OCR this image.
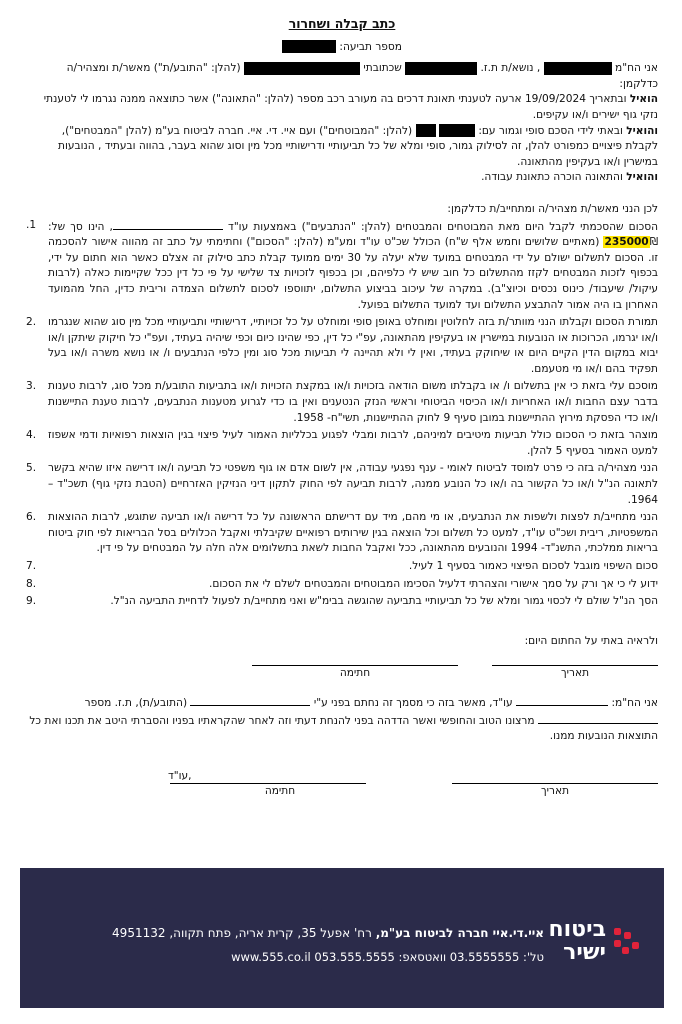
כתב קבלה ושחרור
מספר תביעה:

אני הח"מ  , נושא/ת ת.ז.  שכתובתי  (להלן: "התובע/ת") מאשר/ת ומצהיר/ה

כדלקמן:

הואיל ובתאריך 19/09/2024 ארעה לטענתי תאונת דרכים בה מעורב רכב מספר (להלן: "התאונה") אשר כתוצאה ממנה נגרמו לי לטענתי נזקי גוף ישירים ו/או עקיפים.

והואיל ובאתי לידי הסכם סופי וגמור עם:   (להלן: "המבוטחים") ועם איי. די. איי. חברה לביטוח בע"מ (להלן "המבטחים"), לקבלת פיצויים כמפורט להלן, זה לסילוק גמור, סופי ומלא של כל תביעותיי ודרישותיי מכל מין וסוג שהוא בעבר, בהווה ובעתיד , הנובעות במישרין ו/או בעקיפין מהתאונה.

והואיל והתאונה הוכרה כתאונת עבודה.

לכן הנני מאשר/ת מצהיר/ה ומתחייב/ת כדלקמן:

.1	הסכום שהסכמתי לקבל היום מאת המבוטחים והמבטחים (להלן: "הנתבעים") באמצעות עו"ד , הינו סך של: 235000₪ (מאתיים שלושים וחמש אלף ש"ח) הכולל שכ"ט עו"ד ומע"מ (להלן: "הסכום") וחתימתי על כתב זה מהווה אישור להסכמה זו. הסכום לתשלום ישולם על ידי המבטחים במועד שלא יעלה על 30 ימים ממועד קבלת כתב סילוק זה אצלם כאשר הוא חתום על ידי, בכפוף לזכות המבטחים לקזז מהתשלום כל חוב שיש לי כלפיהם, וכן בכפוף לזכויות צד שלישי על פי כל דין ככל שקיימות כאלה (לרבות עיקול/ שיעבוד/ כינוס נכסים וכיוצ"ב). במקרה של עיכוב בביצוע התשלום, יתווספו לסכום לתשלום הצמדה וריבית כדין, החל מהמועד האחרון בו היה אמור להתבצע התשלום ועד למועד התשלום בפועל.
2. תמורת הסכום וקבלתו הנני מוותר/ת בזה לחלוטין ומוחלט באופן סופי ומוחלט על כל זכויותיי, דרישותיי ותביעותיי מכל מין סוג שהוא שנגרמו ו/או יגרמו, הכרוכות או הנובעות במישרין או בעקיפין מהתאונה, עפ"י כל דין, כפי שהינו כיום וכפי שיהיה בעתיד, ועפ"י כל חיקוק שיתקן ו/או יבוא במקום הדין הקיים היום או שיחוקק בעתיד, ואין לי ולא תהיינה לי תביעות מכל סוג ומין כלפי הנתבעים ו/ או נושא משרה ו/או בעל תפקיד בהם ו/או מי מטעמם.
3. מוסכם עלי בזאת כי אין בתשלום ו/ או בקבלתו משום הודאה בזכויות ו/או במקצת הזכויות ו/או בתביעות התובע/ת מכל סוג, לרבות טענות בדבר עצם החבות ו/או האחריות ו/או הכיסוי הביטוחי וראשי הנזק הנטענים ואין בו כדי לגרוע מטענות הנתבעים, לרבות טענת התיישנות ו/או כדי הפסקת מירוץ ההתיישנות במובן סעיף 9 לחוק ההתיישנות, תשי"ח- 1958.
4. מוצהר בזאת כי הסכום כולל תביעות מיטיבים למיניהם, לרבות ומבלי לפגוע בכלליות האמור לעיל פיצוי בגין הוצאות רפואיות ודמי אשפוז למעט האמור בסעיף 5 להלן.
5. הנני מצהיר/ה בזה כי פרט למוסד לביטוח לאומי - ענף נפגעי עבודה, אין לשום אדם או גוף משפטי כל תביעה ו/או דרישה איזו שהיא בקשר לתאונה הנ"ל ו/או כל הקשור בה ו/או כל הנובע ממנה, לרבות תביעה לפי החוק לתקון דיני הנזיקין האזרחיים (הטבת נזקי גוף) תשכ"ד – 1964.
6. הנני מתחייב/ת לפצות ולשפות את הנתבעים, או מי מהם, מיד עם דרישתם הראשונה על כל דרישה ו/או תביעה שתוגש, לרבות ההוצאות המשפטיות, ריבית ושכ"ט עו"ד, למעט כל תשלום וכל הוצאה בגין שירותים רפואיים שקיבלתי ואקבל הכלולים בסל הבריאות לפי חוק ביטוח בריאות ממלכתי, התשנ"ד- 1994 והנובעים מהתאונה, ככל ואקבל החבות לשאת בתשלומים אלה חלה על המבטחים על פי דין.
7.	סכום השיפוי מוגבל לסכום הפיצוי כאמור בסעיף 1 לעיל.
8.	ידוע לי כי אך ורק על סמך אישורי והצהרתי דלעיל הסכימו המבוטחים והמבטחים לשלם לי את הסכום.
9.	הסך הנ"ל שולם לי לכסוי גמור ומלא של כל תביעותיי בתביעה שהוגשה בבימ"ש ואני מתחייב/ת לפעול לדחיית התביעה הנ"ל.

ולראיה באתי על החתום היום:

תאריך
חתימה

אני הח"מ:  עו"ד, מאשר בזה כי מסמך זה נחתם בפני ע"י  (התובע/ת), ת.ז. מספר  מרצונו הטוב והחופשי ואשר הדדהה בפני להנחת דעתי וזה לאחר שהקראתיו בפניו והסברתי היטב את תכנו ואת כל התוצאות הנובעות ממנו.

תאריך
,עו"ד
חתימה
ביטוח
ישיר
איי.די.איי חברה לביטוח בע"מ, רח' אפעל 35, קרית אריה, פתח תקווה, 4951132
טל': 03.5555555 וואטסאפ: 053.555.5555 www.555.co.il
